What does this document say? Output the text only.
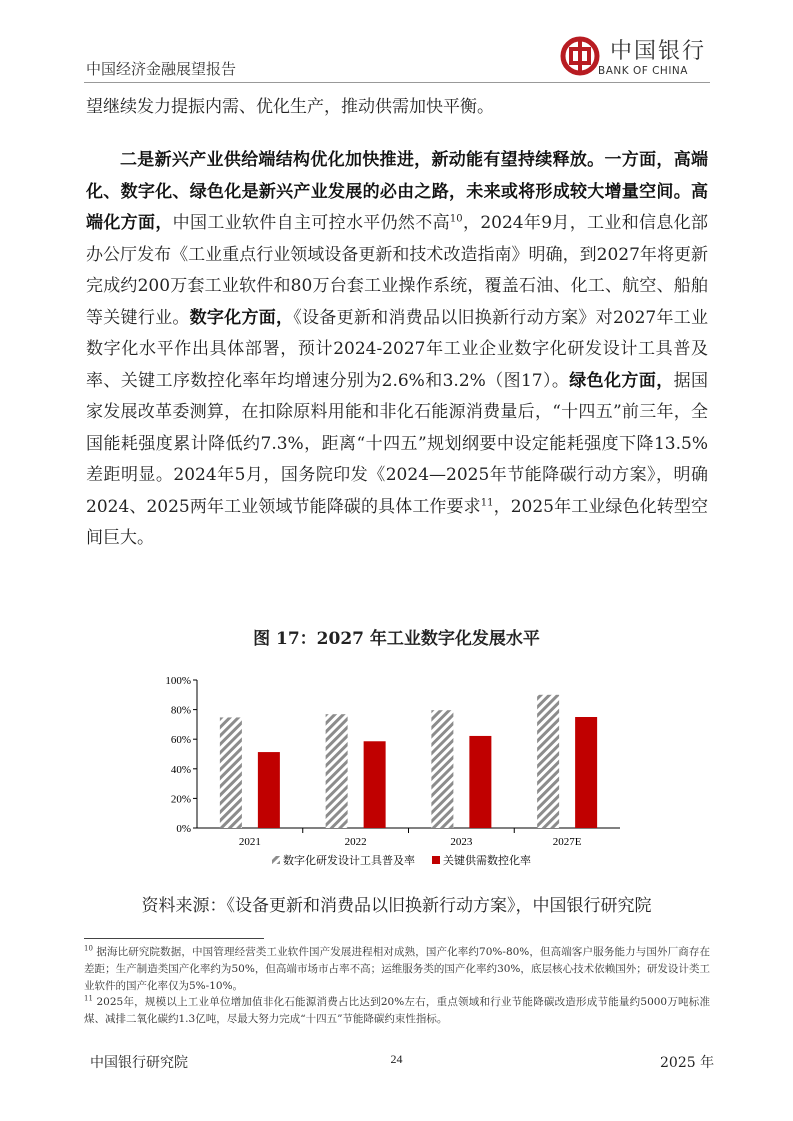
中国经济金融展望报告
中国银行
BANK OF CHINA
望继续发力提振内需、优化生产，推动供需加快平衡。
二是新兴产业供给端结构优化加快推进，新动能有望持续释放。一方面，高端化、数字化、绿色化是新兴产业发展的必由之路，未来或将形成较大增量空间。高端化方面，中国工业软件自主可控水平仍然不高$^{10}$，2024年9月，工业和信息化部办公厅发布《工业重点行业领域设备更新和技术改造指南》明确，到2027年将更新完成约200万套工业软件和80万台套工业操作系统，覆盖石油、化工、航空、船舶等关键行业。数字化方面，《设备更新和消费品以旧换新行动方案》对2027年工业数字化水平作出具体部署，预计2024-2027年工业企业数字化研发设计工具普及率、关键工序数控化率年均增速分别为2.6%和3.2%（图17）。绿色化方面，据国家发展改革委测算，在扣除原料用能和非化石能源消费量后，“十四五”前三年，全国能耗强度累计降低约7.3%，距离“十四五”规划纲要中设定能耗强度下降13.5%差距明显。2024年5月，国务院印发《2024—2025年节能降碳行动方案》，明确2024、2025两年工业领域节能降碳的具体工作要求$^{11}$，2025年工业绿色化转型空间巨大。
图 17：2027 年工业数字化发展水平
0%
20%
40%
60%
80%
100%
2021	2022	2023	2027E
数字化研发设计工具普及率	关键供需数控化率
资料来源：《设备更新和消费品以旧换新行动方案》，中国银行研究院
$^{10}$ 据海比研究院数据，中国管理经营类工业软件国产发展进程相对成熟，国产化率约70%-80%，但高端客户服务能力与国外厂商存在差距；生产制造类国产化率约为50%，但高端市场市占率不高；运维服务类的国产化率约30%，底层核心技术依赖国外；研发设计类工业软件的国产化率仅为5%-10%。
$^{11}$ 2025年，规模以上工业单位增加值非化石能源消费占比达到20%左右，重点领域和行业节能降碳改造形成节能量约5000万吨标准煤、减排二氧化碳约1.3亿吨，尽最大努力完成“十四五”节能降碳约束性指标。
中国银行研究院	24	2025 年
